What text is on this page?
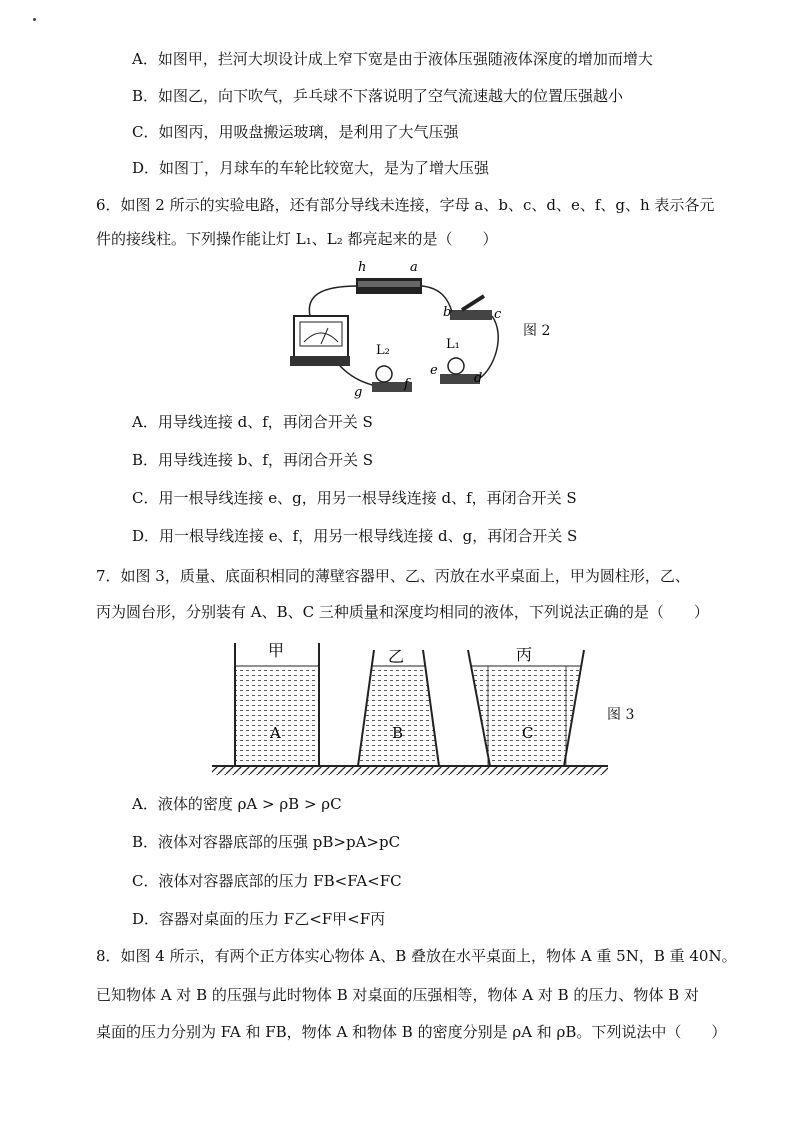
A．如图甲，拦河大坝设计成上窄下宽是由于液体压强随液体深度的增加而增大
B．如图乙，向下吹气，乒乓球不下落说明了空气流速越大的位置压强越小
C．如图丙，用吸盘搬运玻璃，是利用了大气压强
D．如图丁，月球车的车轮比较宽大，是为了增大压强
6．如图 2 所示的实验电路，还有部分导线未连接，字母 a、b、c、d、e、f、g、h 表示各元
件的接线柱。下列操作能让灯 L₁、L₂ 都亮起来的是（　　）
h	a
b	c
L₂
g
f
L₁
e
d
图 2
A．用导线连接 d、f，再闭合开关 S
B．用导线连接 b、f，再闭合开关 S
C．用一根导线连接 e、g，用另一根导线连接 d、f，再闭合开关 S
D．用一根导线连接 e、f，用另一根导线连接 d、g，再闭合开关 S
7．如图 3，质量、底面积相同的薄壁容器甲、乙、丙放在水平桌面上，甲为圆柱形，乙、
丙为圆台形，分别装有 A、B、C 三种质量和深度均相同的液体，下列说法正确的是（　　）
甲
A
乙
B
丙
C
图 3
A．液体的密度 ρA > ρB > ρC
B．液体对容器底部的压强 pB>pA>pC
C．液体对容器底部的压力 FB<FA<FC
D．容器对桌面的压力 F乙<F甲<F丙
8．如图 4 所示，有两个正方体实心物体 A、B 叠放在水平桌面上，物体 A 重 5N，B 重 40N。
已知物体 A 对 B 的压强与此时物体 B 对桌面的压强相等，物体 A 对 B 的压力、物体 B 对
桌面的压力分别为 FA 和 FB，物体 A 和物体 B 的密度分别是 ρA 和 ρB。下列说法中（　　）
